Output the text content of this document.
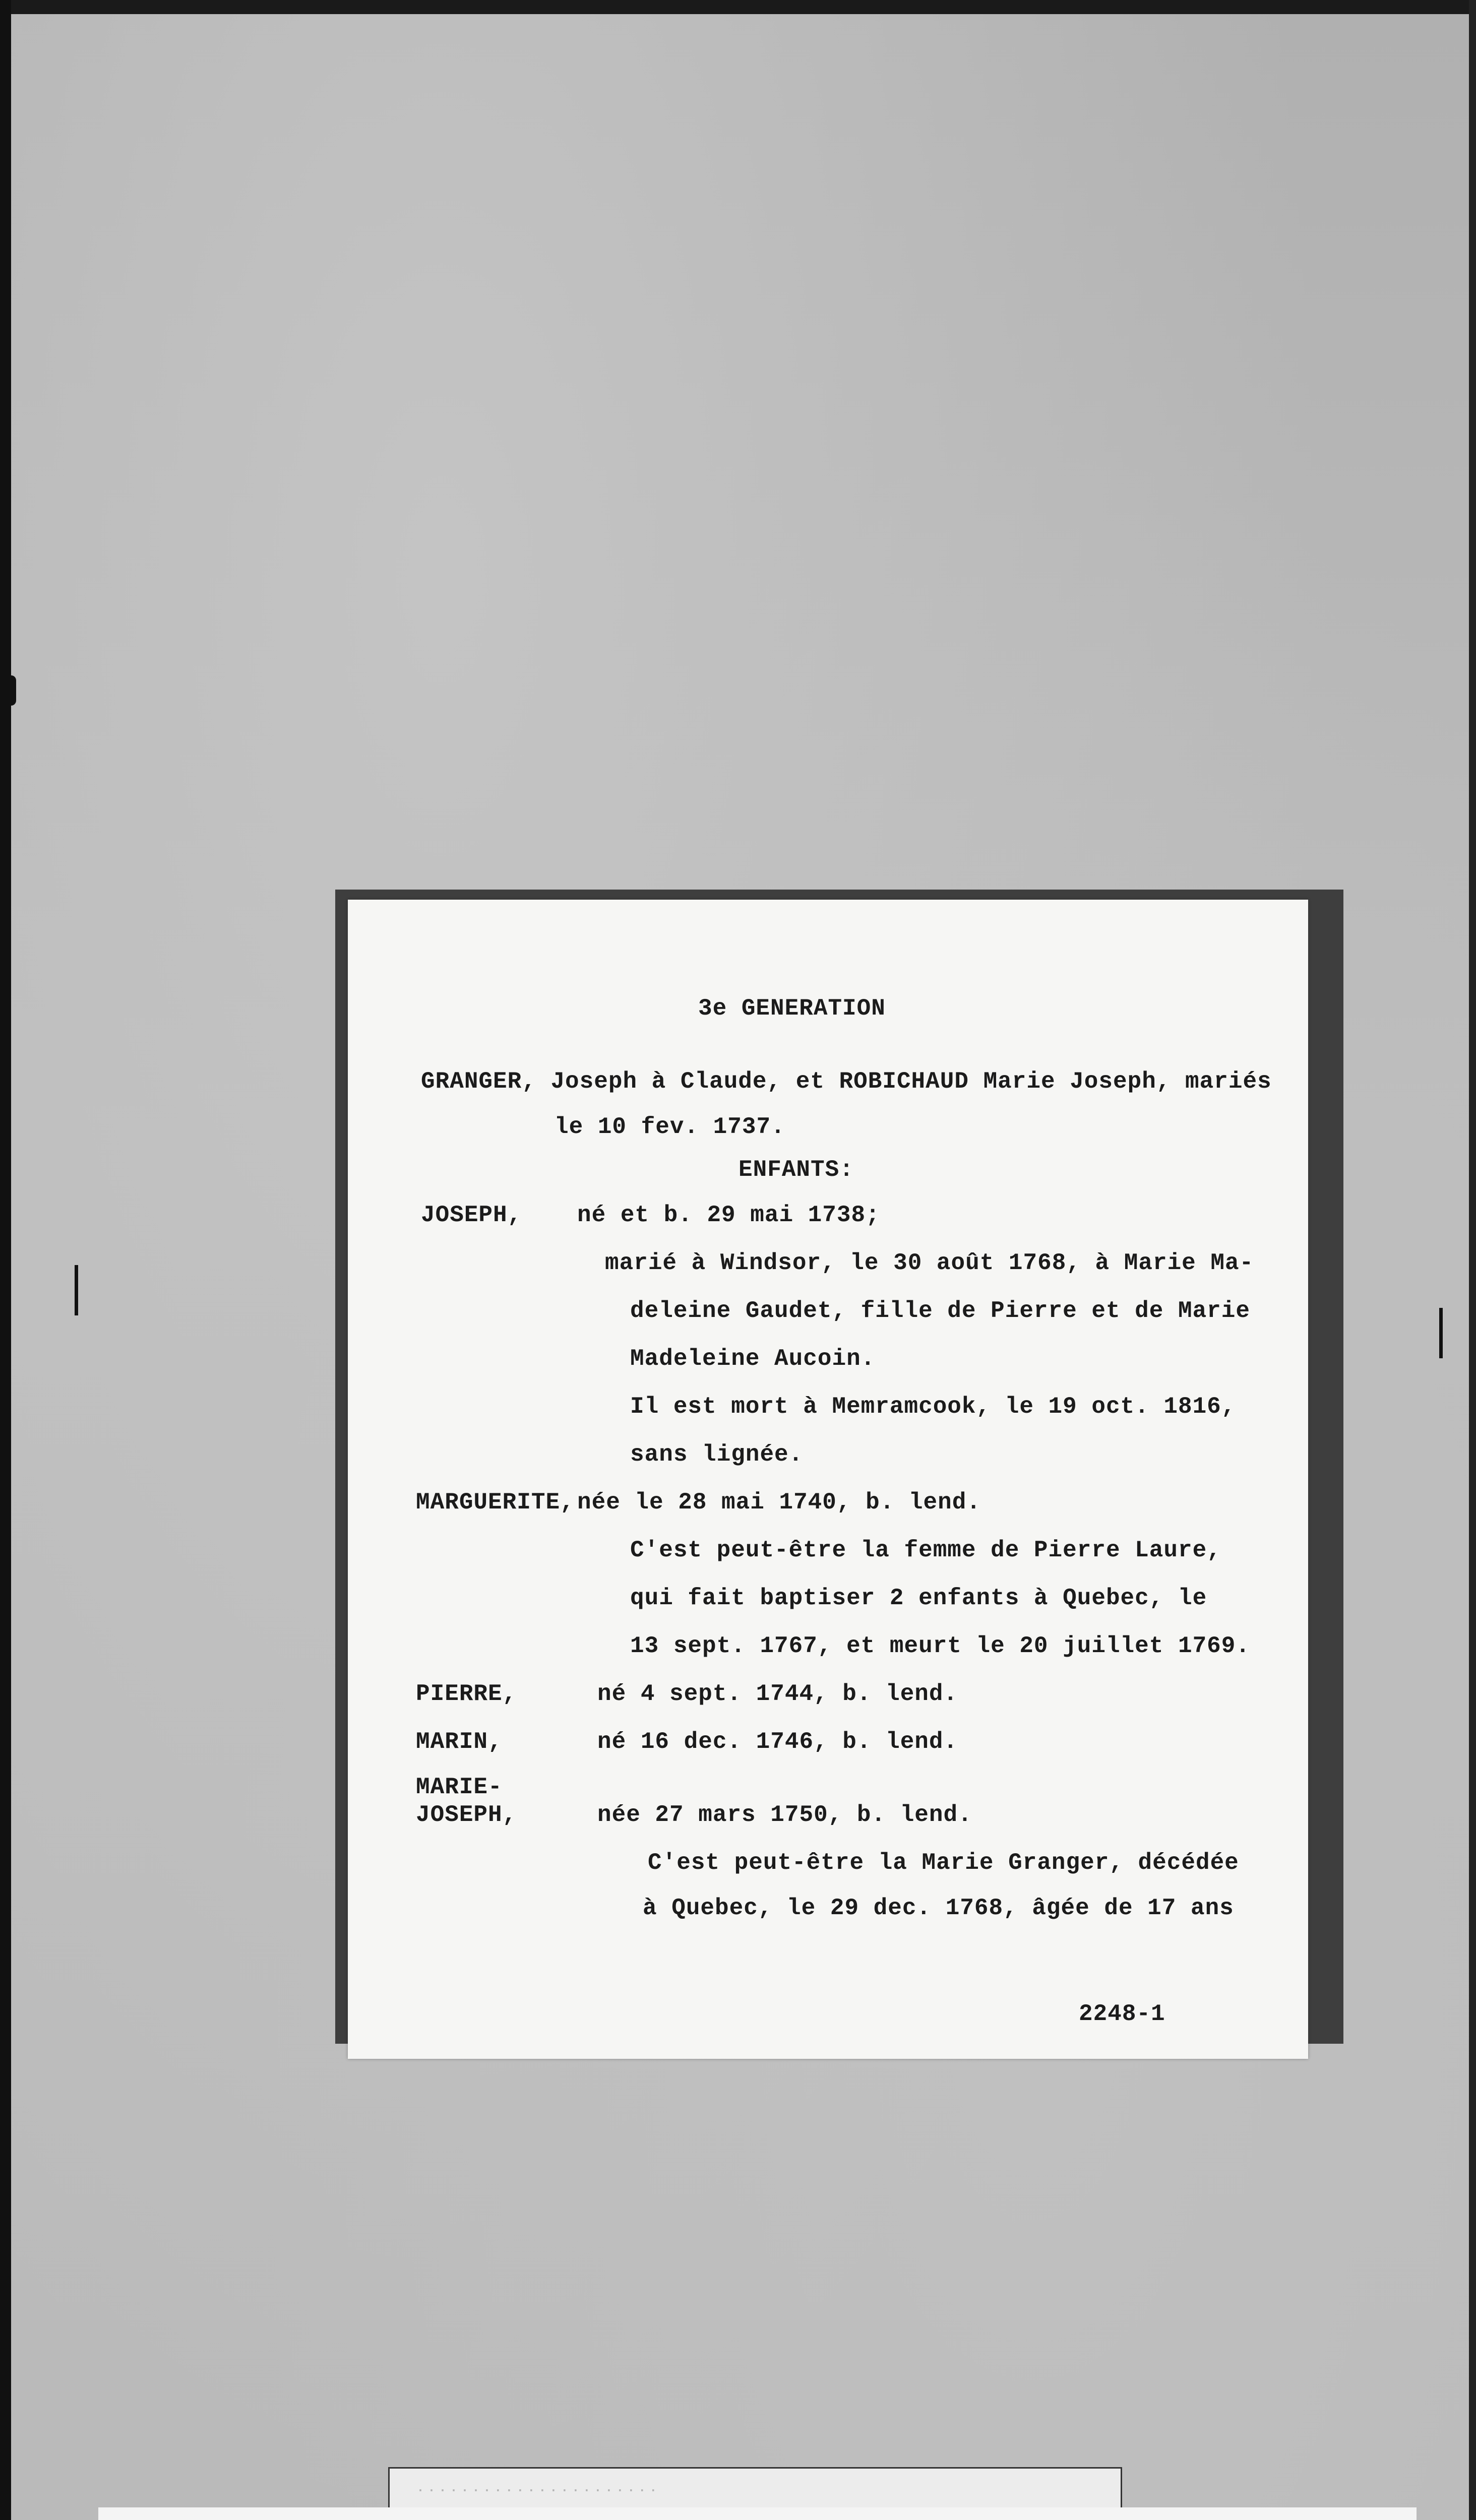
3e GENERATION
GRANGER, Joseph à Claude, et ROBICHAUD Marie Joseph, mariés
le 10 fev. 1737.
ENFANTS:
JOSEPH, né et b. 29 mai 1738;
marié à Windsor, le 30 août 1768, à Marie Ma-
deleine Gaudet, fille de Pierre et de Marie
Madeleine Aucoin.
Il est mort à Memramcook, le 19 oct. 1816,
sans lignée.
MARGUERITE, née le 28 mai 1740, b. lend.
C'est peut-être la femme de Pierre Laure,
qui fait baptiser 2 enfants à Quebec, le
13 sept. 1767, et meurt le 20 juillet 1769.
PIERRE,	né 4 sept. 1744, b. lend.
MARIN,	né 16 dec. 1746, b. lend.
MARIE-
JOSEPH,	née 27 mars 1750, b. lend.
C'est peut-être la Marie Granger, décédée
à Quebec, le 29 dec. 1768, âgée de 17 ans
2248-1
· · · · · · · · · · · · · · · · · · · · · ·
